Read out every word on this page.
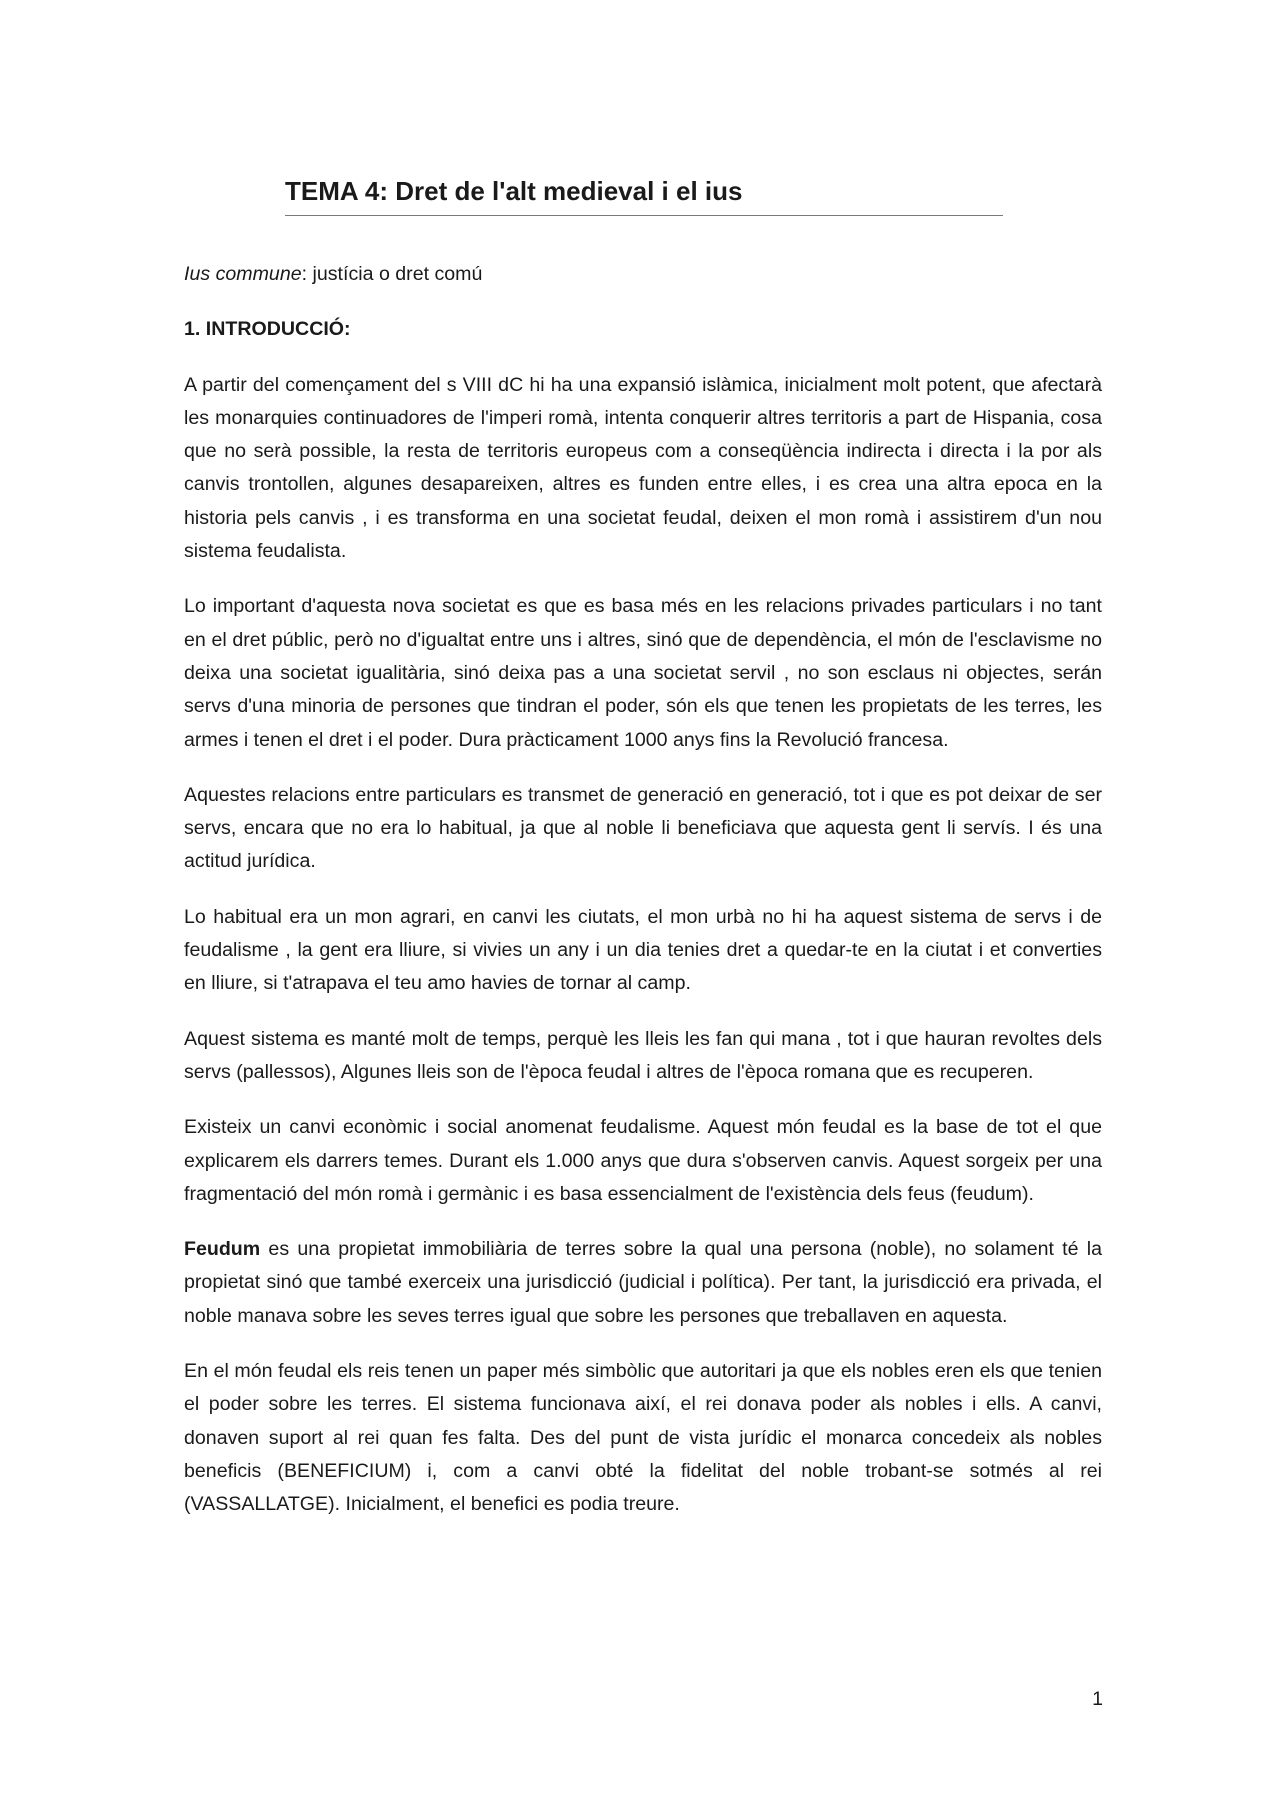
TEMA 4: Dret de l'alt medieval i el ius

Ius commune: justícia o dret comú

1. INTRODUCCIÓ:

A partir del començament del s VIII dC hi ha una expansió islàmica, inicialment molt potent, que afectarà les monarquies continuadores de l'imperi romà, intenta conquerir altres territoris a part de Hispania, cosa que no serà possible, la resta de territoris europeus com a conseqüència indirecta i directa i la por als canvis trontollen, algunes desapareixen, altres es funden entre elles, i es crea una altra epoca en la historia pels canvis , i es transforma en una societat feudal, deixen el mon romà i assistirem d'un nou sistema feudalista.

Lo important d'aquesta nova societat es que es basa més en les relacions privades particulars i no tant en el dret públic, però no d'igualtat entre uns i altres, sinó que de dependència, el món de l'esclavisme no deixa una societat igualitària, sinó deixa pas a una societat servil , no son esclaus ni objectes, serán servs d'una minoria de persones que tindran el poder, són els que tenen les propietats de les terres, les armes i tenen el dret i el poder. Dura pràcticament 1000 anys fins la Revolució francesa.

Aquestes relacions entre particulars es transmet de generació en generació, tot i que es pot deixar de ser servs, encara que no era lo habitual, ja que al noble li beneficiava que aquesta gent li servís. I és una actitud jurídica.

Lo habitual era un mon agrari, en canvi les ciutats, el mon urbà no hi ha aquest sistema de servs i de feudalisme , la gent era lliure, si vivies un any i un dia tenies dret a quedar-te en la ciutat i et converties en lliure, si t'atrapava el teu amo havies de tornar al camp.

Aquest sistema es manté molt de temps, perquè les lleis les fan qui mana , tot i que hauran revoltes dels servs (pallessos), Algunes lleis son de l'època feudal i altres de l'època romana que es recuperen.

Existeix un canvi econòmic i social anomenat feudalisme. Aquest món feudal es la base de tot el que explicarem els darrers temes. Durant els 1.000 anys que dura s'observen canvis. Aquest sorgeix per una fragmentació del món romà i germànic i es basa essencialment de l'existència dels feus (feudum).

Feudum es una propietat immobiliària de terres sobre la qual una persona (noble), no solament té la propietat sinó que també exerceix una jurisdicció (judicial i política). Per tant, la jurisdicció era privada, el noble manava sobre les seves terres igual que sobre les persones que treballaven en aquesta.

En el món feudal els reis tenen un paper més simbòlic que autoritari ja que els nobles eren els que tenien el poder sobre les terres. El sistema funcionava així, el rei donava poder als nobles i ells. A canvi, donaven suport al rei quan fes falta. Des del punt de vista jurídic el monarca concedeix als nobles beneficis (BENEFICIUM) i, com a canvi obté la fidelitat del noble trobant-se sotmés al rei (VASSALLATGE). Inicialment, el benefici es podia treure.

1
